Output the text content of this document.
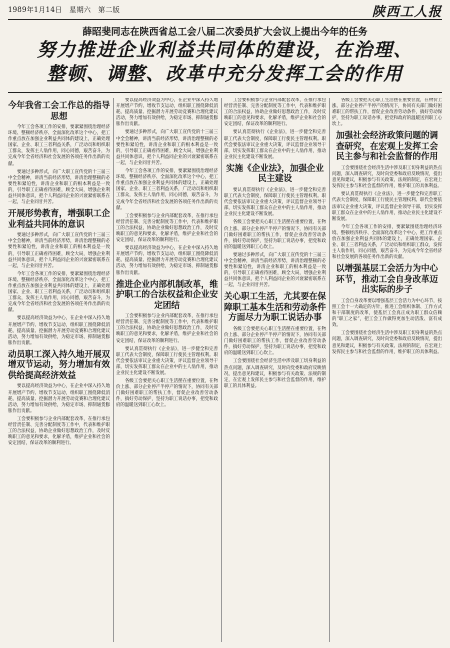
1989年1月14日　星期六　第二版	陕西工人报
薛昭斐同志在陕西省总工会八届二次委员扩大会议上提出今年的任务
努力推进企业利益共同体的建设，在治理、
整顿、调整、改革中充分发挥工会的作用
今年我省工会工作总的指导思想

今年工会各项工作的安排，要紧紧围绕治理经济环境、整顿经济秩序、全面深化改革这个中心，把工作重点放在加强企业利益共同体的建设上，正确处理国家、企业、职工三者利益关系，广泛动员和组织职工群众，发挥主人翁作用，同心同德，艰苦奋斗，为完成今年全省经济和社会发展的各项任务作出新的贡献。

要通过多种形式，向广大职工宣传党的十三届三中全会精神，讲清当前经济形势，讲清治理整顿的必要性和紧迫性，讲清企业和职工的根本利益是一致的，引导职工正确看待困难，顾全大局，增强企业利益共同体意识，把个人利益同企业的兴衰紧密联系在一起，与企业同甘共苦。

开展形势教育，增强职工企业利益共同体的意识

要通过多种形式，向广大职工宣传党的十三届三中全会精神，讲清当前经济形势，讲清治理整顿的必要性和紧迫性，讲清企业和职工的根本利益是一致的，引导职工正确看待困难，顾全大局，增强企业利益共同体意识，把个人利益同企业的兴衰紧密联系在一起，与企业同甘共苦。

今年工会各项工作的安排，要紧紧围绕治理经济环境、整顿经济秩序、全面深化改革这个中心，把工作重点放在加强企业利益共同体的建设上，正确处理国家、企业、职工三者利益关系，广泛动员和组织职工群众，发挥主人翁作用，同心同德，艰苦奋斗，为完成今年全省经济和社会发展的各项任务作出新的贡献。

要以提高经济效益为中心，在企业中深入持久地开展增产节约、增收节支运动，组织职工围绕降低消耗、提高质量、挖掘潜力开展劳动竞赛和合理化建议活动，努力增加有效供给，为稳定市场、抑制通货膨胀作出贡献。

动员职工深入持久地开展双增双节运动，努力增加有效供给提高经济效益

要以提高经济效益为中心，在企业中深入持久地开展增产节约、增收节支运动，组织职工围绕降低消耗、提高质量、挖掘潜力开展劳动竞赛和合理化建议活动，努力增加有效供给，为稳定市场、抑制通货膨胀作出贡献。

工会要积极参与企业内部配套改革，在推行承包经营责任制、完善分配制度等工作中，代表和维护职工的合法权益，协助企业做好思想政治工作，及时反映职工的意见和要求，化解矛盾，维护企业和社会的安定团结，保证改革的顺利进行。

要以提高经济效益为中心，在企业中深入持久地开展增产节约、增收节支运动，组织职工围绕降低消耗、提高质量、挖掘潜力开展劳动竞赛和合理化建议活动，努力增加有效供给，为稳定市场、抑制通货膨胀作出贡献。

要通过多种形式，向广大职工宣传党的十三届三中全会精神，讲清当前经济形势，讲清治理整顿的必要性和紧迫性，讲清企业和职工的根本利益是一致的，引导职工正确看待困难，顾全大局，增强企业利益共同体意识，把个人利益同企业的兴衰紧密联系在一起，与企业同甘共苦。

今年工会各项工作的安排，要紧紧围绕治理经济环境、整顿经济秩序、全面深化改革这个中心，把工作重点放在加强企业利益共同体的建设上，正确处理国家、企业、职工三者利益关系，广泛动员和组织职工群众，发挥主人翁作用，同心同德，艰苦奋斗，为完成今年全省经济和社会发展的各项任务作出新的贡献。

工会要积极参与企业内部配套改革，在推行承包经营责任制、完善分配制度等工作中，代表和维护职工的合法权益，协助企业做好思想政治工作，及时反映职工的意见和要求，化解矛盾，维护企业和社会的安定团结，保证改革的顺利进行。

要以提高经济效益为中心，在企业中深入持久地开展增产节约、增收节支运动，组织职工围绕降低消耗、提高质量、挖掘潜力开展劳动竞赛和合理化建议活动，努力增加有效供给，为稳定市场、抑制通货膨胀作出贡献。

推进企业内部机制改革，维护职工的合法权益和企业安定团结

工会要积极参与企业内部配套改革，在推行承包经营责任制、完善分配制度等工作中，代表和维护职工的合法权益，协助企业做好思想政治工作，及时反映职工的意见和要求，化解矛盾，维护企业和社会的安定团结，保证改革的顺利进行。

要认真贯彻执行《企业法》，进一步健全和完善职工代表大会制度，保障职工行使民主管理权利。职代会要依法审议企业重大决策，评议监督企业领导干部，切实发挥职工群众在企业中的主人翁作用，推动企业民主化建设不断发展。

各级工会要把关心职工生活摆在重要位置，在物价上涨、部分企业停产半停产的情况下，协同有关部门做好困难职工的帮扶工作，督促企业改善劳动条件，搞好劳动保护，坚持为职工说话办事，把党和政府的温暖送到职工心坎上。

工会要积极参与企业内部配套改革，在推行承包经营责任制、完善分配制度等工作中，代表和维护职工的合法权益，协助企业做好思想政治工作，及时反映职工的意见和要求，化解矛盾，维护企业和社会的安定团结，保证改革的顺利进行。

要认真贯彻执行《企业法》，进一步健全和完善职工代表大会制度，保障职工行使民主管理权利。职代会要依法审议企业重大决策，评议监督企业领导干部，切实发挥职工群众在企业中的主人翁作用，推动企业民主化建设不断发展。

实施《企业法》，加强企业民主建设

要认真贯彻执行《企业法》，进一步健全和完善职工代表大会制度，保障职工行使民主管理权利。职代会要依法审议企业重大决策，评议监督企业领导干部，切实发挥职工群众在企业中的主人翁作用，推动企业民主化建设不断发展。

各级工会要把关心职工生活摆在重要位置，在物价上涨、部分企业停产半停产的情况下，协同有关部门做好困难职工的帮扶工作，督促企业改善劳动条件，搞好劳动保护，坚持为职工说话办事，把党和政府的温暖送到职工心坎上。

要通过多种形式，向广大职工宣传党的十三届三中全会精神，讲清当前经济形势，讲清治理整顿的必要性和紧迫性，讲清企业和职工的根本利益是一致的，引导职工正确看待困难，顾全大局，增强企业利益共同体意识，把个人利益同企业的兴衰紧密联系在一起，与企业同甘共苦。

关心职工生活，尤其要在保障职工基本生活和劳动条件方面尽力为职工说话办事

各级工会要把关心职工生活摆在重要位置，在物价上涨、部分企业停产半停产的情况下，协同有关部门做好困难职工的帮扶工作，督促企业改善劳动条件，搞好劳动保护，坚持为职工说话办事，把党和政府的温暖送到职工心坎上。

工会要围绕社会经济生活中涉及职工切身利益的热点问题，深入调查研究，及时向党委和政府反映情况，提出意见和建议，积极参与有关政策、法规的制定，在宏观上发挥民主参与和社会监督的作用，维护职工的具体利益。

各级工会要把关心职工生活摆在重要位置，在物价上涨、部分企业停产半停产的情况下，协同有关部门做好困难职工的帮扶工作，督促企业改善劳动条件，搞好劳动保护，坚持为职工说话办事，把党和政府的温暖送到职工心坎上。

加强社会经济政策问题的调查研究，在宏观上发挥工会民主参与和社会监督的作用

工会要围绕社会经济生活中涉及职工切身利益的热点问题，深入调查研究，及时向党委和政府反映情况，提出意见和建议，积极参与有关政策、法规的制定，在宏观上发挥民主参与和社会监督的作用，维护职工的具体利益。

要认真贯彻执行《企业法》，进一步健全和完善职工代表大会制度，保障职工行使民主管理权利。职代会要依法审议企业重大决策，评议监督企业领导干部，切实发挥职工群众在企业中的主人翁作用，推动企业民主化建设不断发展。

今年工会各项工作的安排，要紧紧围绕治理经济环境、整顿经济秩序、全面深化改革这个中心，把工作重点放在加强企业利益共同体的建设上，正确处理国家、企业、职工三者利益关系，广泛动员和组织职工群众，发挥主人翁作用，同心同德，艰苦奋斗，为完成今年全省经济和社会发展的各项任务作出新的贡献。

以增强基层工会活力为中心环节，推动工会自身改革迈出实际的步子

工会自身改革要以增强基层工会活力为中心环节，按照工会十一大确定的方针，推进工会组织体制、工作方式和干部制度的改革，使基层工会真正成为职工群众信赖的“职工之家”，把工会工作做得更加生动活泼、富有成效。

工会要围绕社会经济生活中涉及职工切身利益的热点问题，深入调查研究，及时向党委和政府反映情况，提出意见和建议，积极参与有关政策、法规的制定，在宏观上发挥民主参与和社会监督的作用，维护职工的具体利益。
